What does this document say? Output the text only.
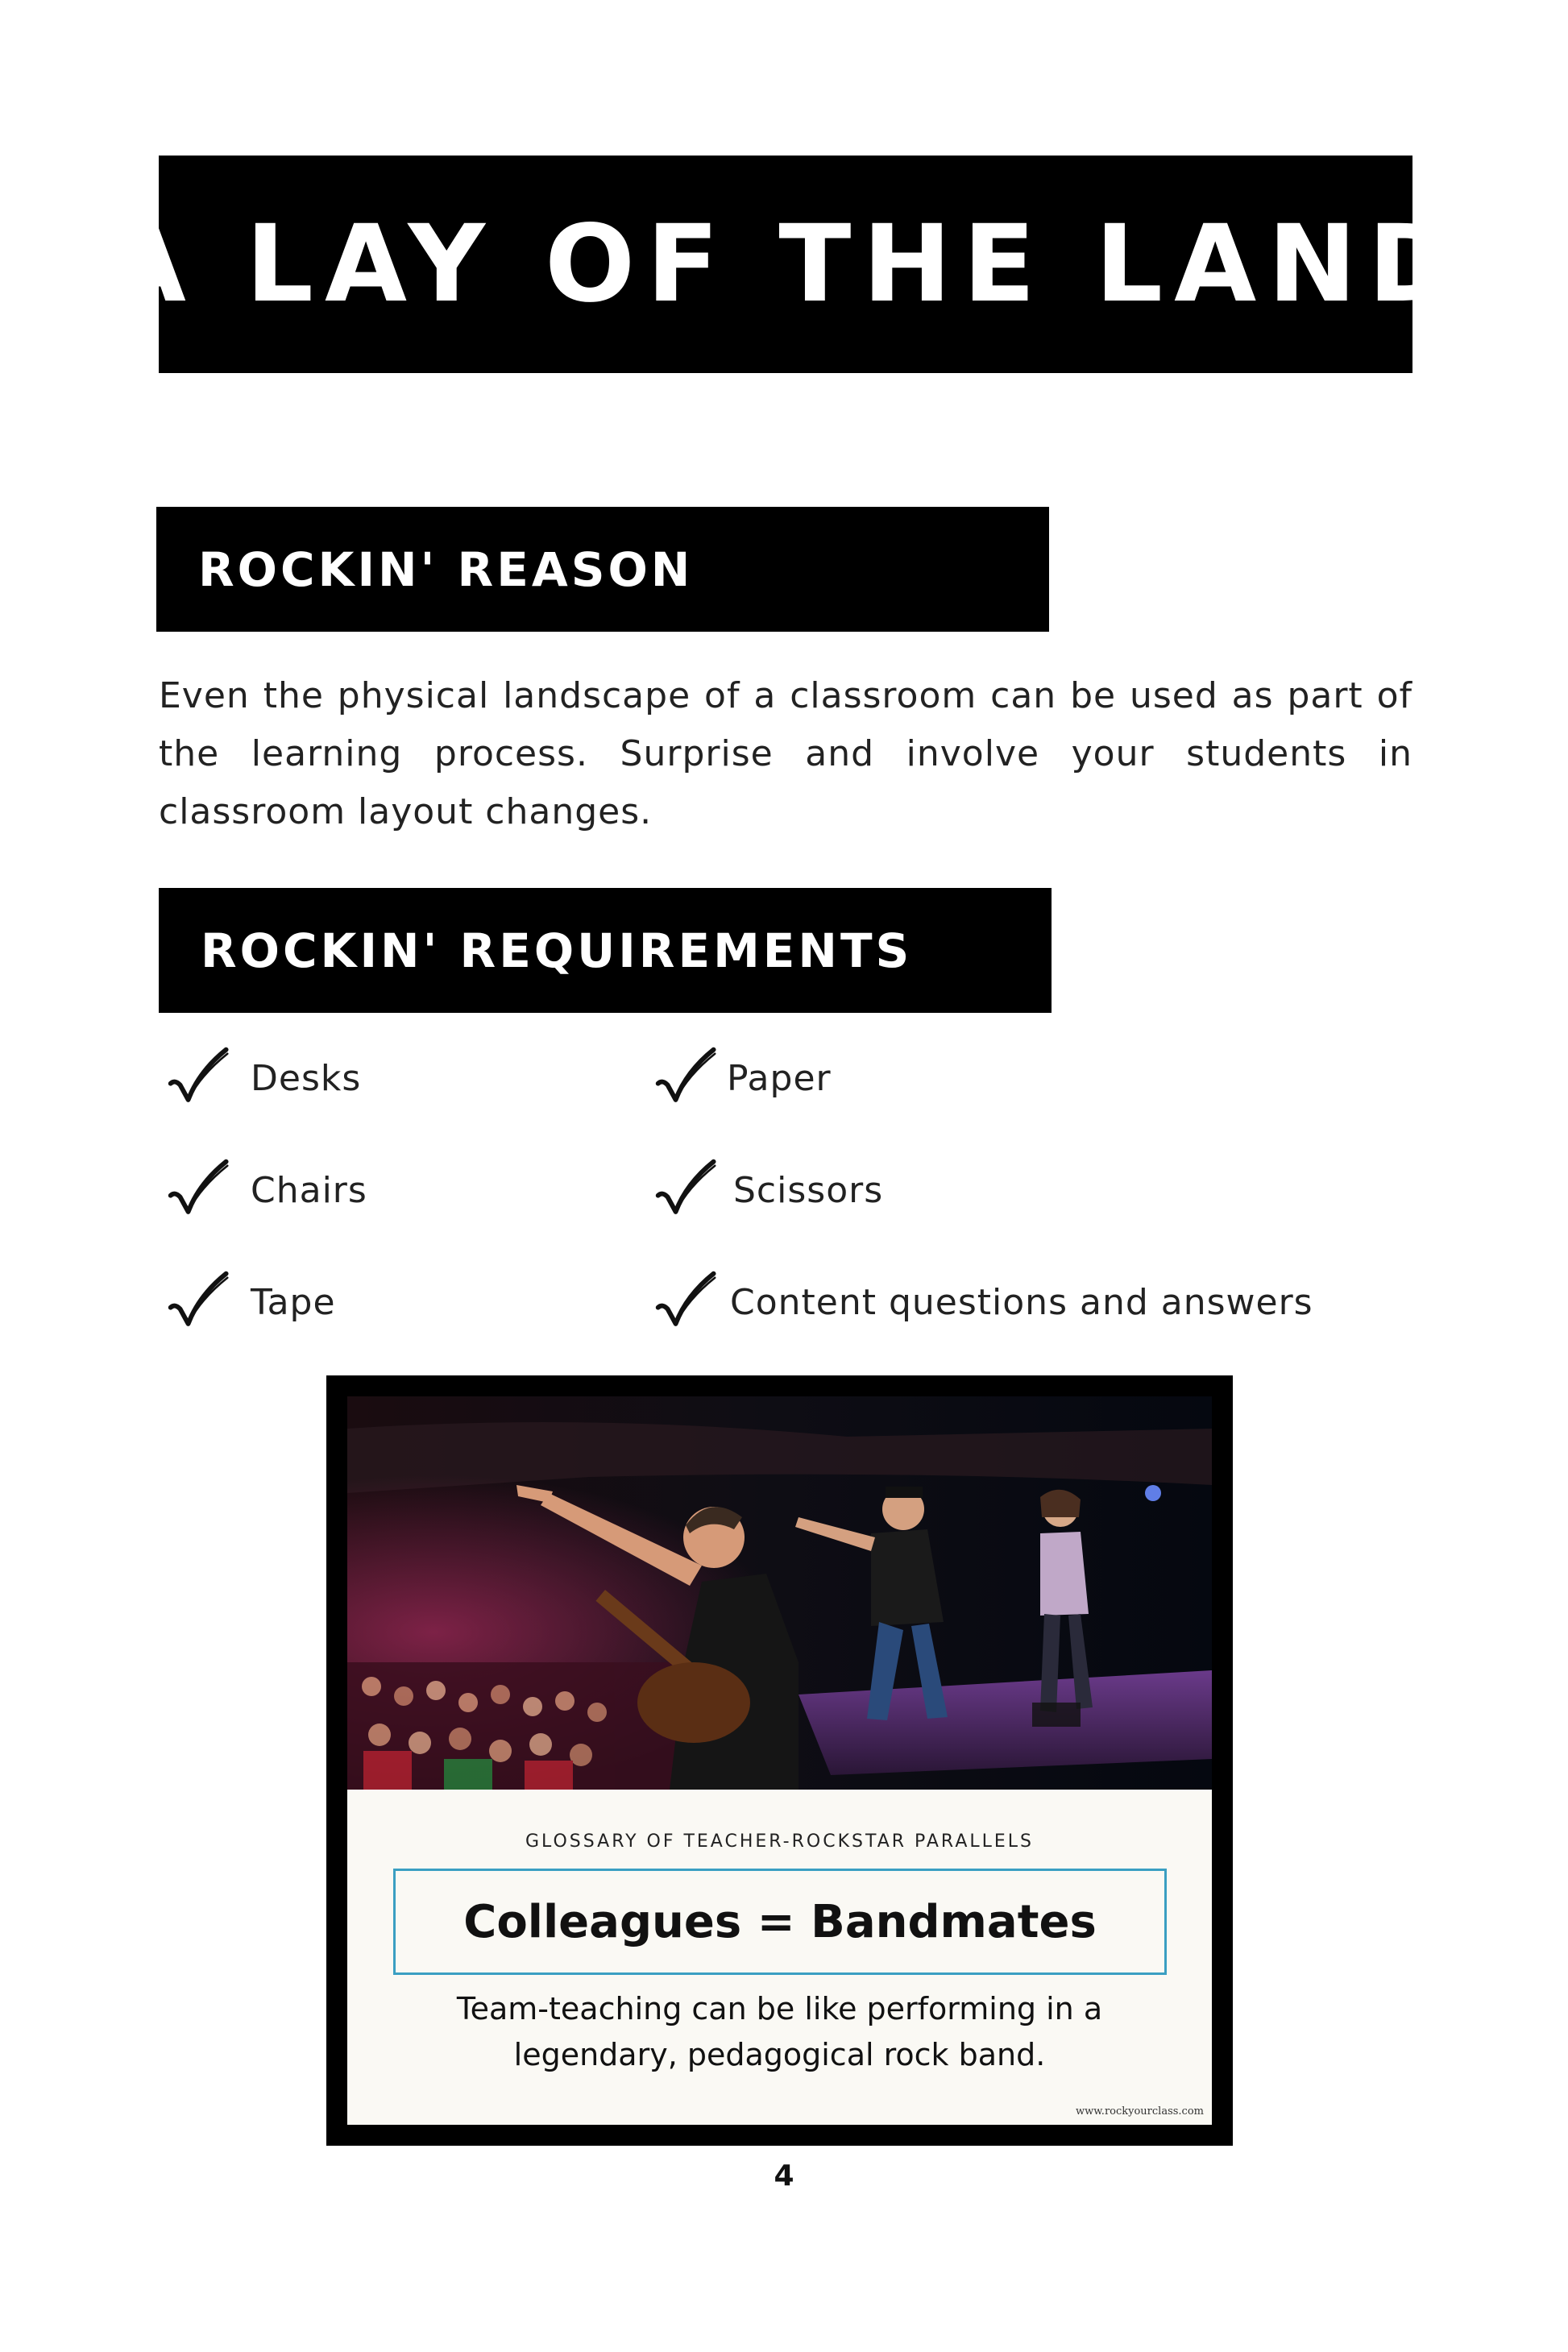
A LAY OF THE LAND
ROCKIN' REASON

Even the physical landscape of a classroom can be used as part of the learning process. Surprise and involve your students in classroom layout changes.

ROCKIN' REQUIREMENTS
Desks
Chairs
Tape
Paper
Scissors
Content questions and answers
GLOSSARY OF TEACHER-ROCKSTAR PARALLELS
Colleagues = Bandmates
Team-teaching can be like performing in a
legendary, pedagogical rock band.
www.rockyourclass.com
4
